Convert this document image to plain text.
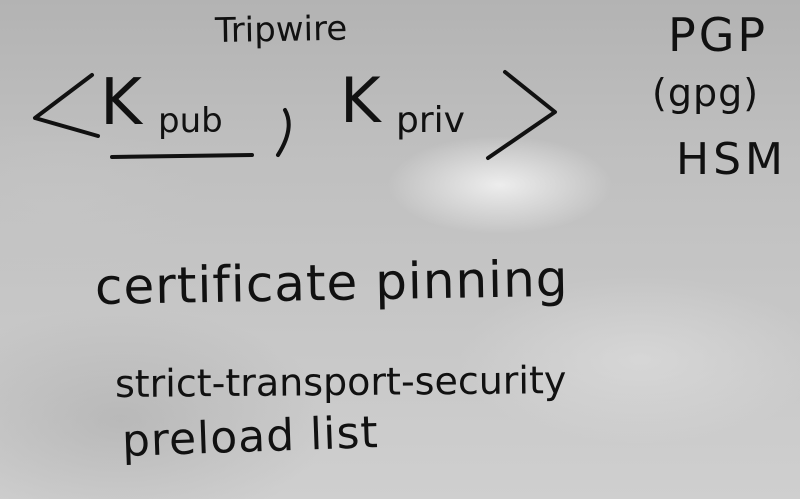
Tripwire
< K pub	,
K priv	>
PGP
(gpg)
HSM
certificate pinning
strict-transport-security
preload list
